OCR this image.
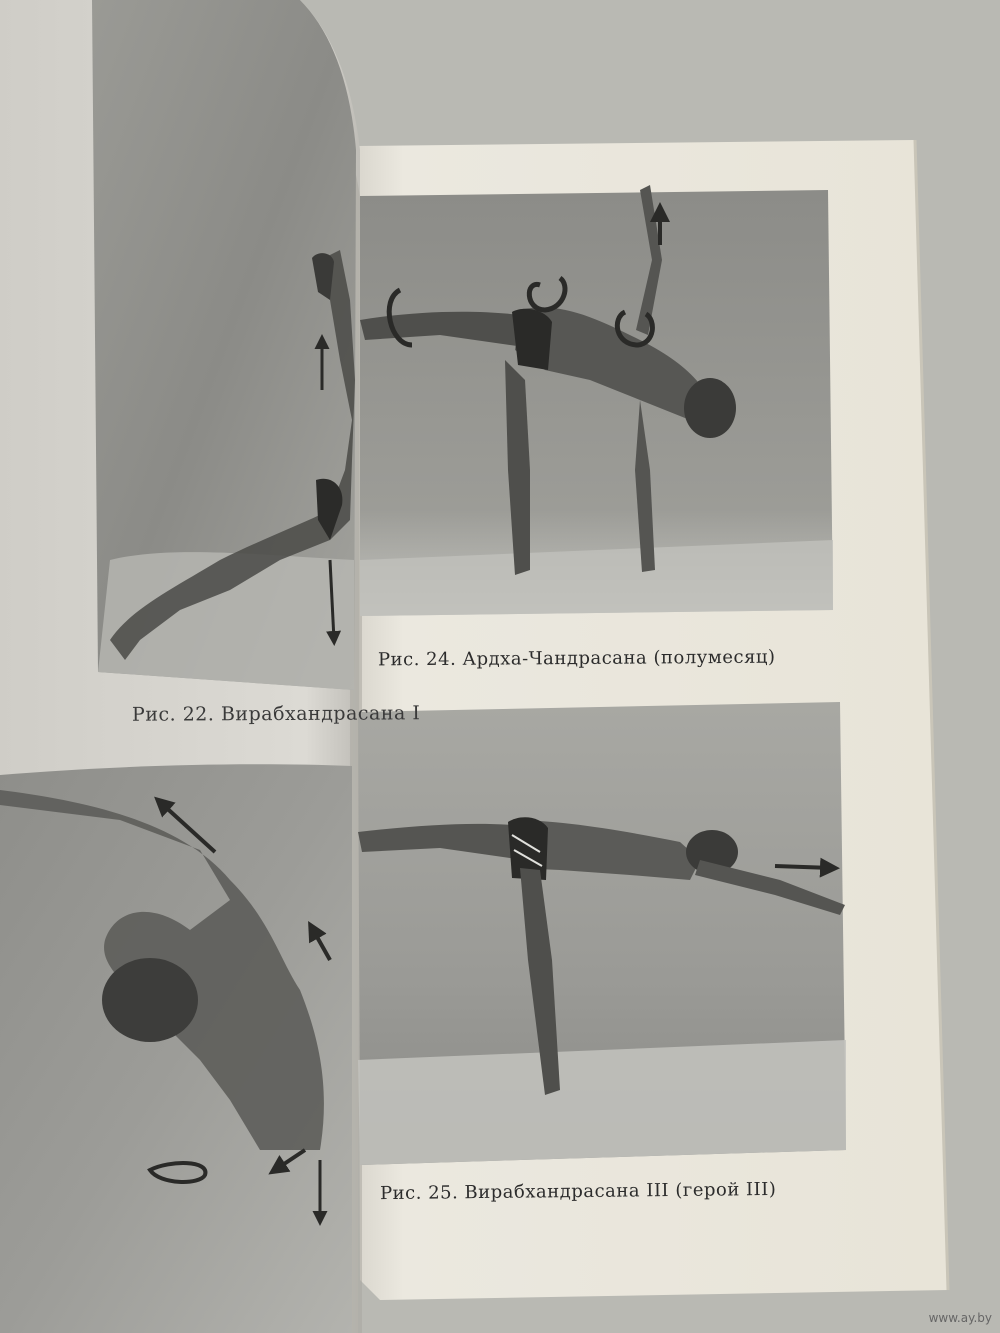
Рис. 22. Вирабхандрасана I
Рис. 24. Ардха-Чандрасана (полумесяц)
Рис. 25. Вирабхандрасана III (герой III)
www.ay.by
